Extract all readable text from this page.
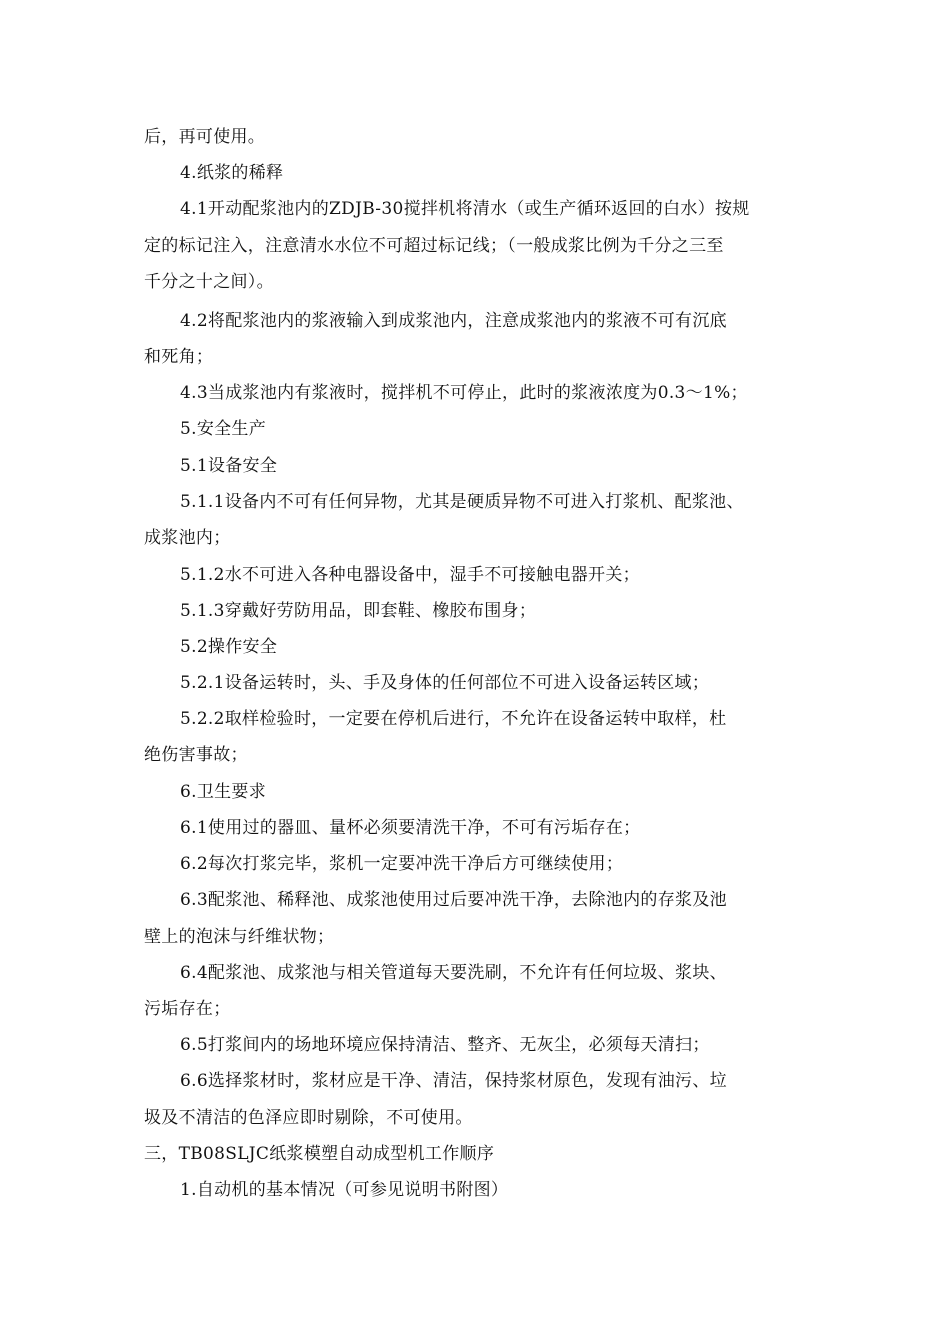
后，再可使用。
4.纸浆的稀释
4.1开动配浆池内的ZDJB-30搅拌机将清水（或生产循环返回的白水）按规
定的标记注入，注意清水水位不可超过标记线；（一般成浆比例为千分之三至
千分之十之间）。
4.2将配浆池内的浆液输入到成浆池内，注意成浆池内的浆液不可有沉底
和死角；
4.3当成浆池内有浆液时，搅拌机不可停止，此时的浆液浓度为0.3～1%；
5.安全生产
5.1设备安全
5.1.1设备内不可有任何异物，尤其是硬质异物不可进入打浆机、配浆池、
成浆池内；
5.1.2水不可进入各种电器设备中，湿手不可接触电器开关；
5.1.3穿戴好劳防用品，即套鞋、橡胶布围身；
5.2操作安全
5.2.1设备运转时，头、手及身体的任何部位不可进入设备运转区域；
5.2.2取样检验时，一定要在停机后进行，不允许在设备运转中取样，杜
绝伤害事故；
6.卫生要求
6.1使用过的器皿、量杯必须要清洗干净，不可有污垢存在；
6.2每次打浆完毕，浆机一定要冲洗干净后方可继续使用；
6.3配浆池、稀释池、成浆池使用过后要冲洗干净，去除池内的存浆及池
壁上的泡沫与纤维状物；
6.4配浆池、成浆池与相关管道每天要洗刷，不允许有任何垃圾、浆块、
污垢存在；
6.5打浆间内的场地环境应保持清洁、整齐、无灰尘，必须每天清扫；
6.6选择浆材时，浆材应是干净、清洁，保持浆材原色，发现有油污、垃
圾及不清洁的色泽应即时剔除，不可使用。
三，TB08SLJC纸浆模塑自动成型机工作顺序
1.自动机的基本情况（可参见说明书附图）
